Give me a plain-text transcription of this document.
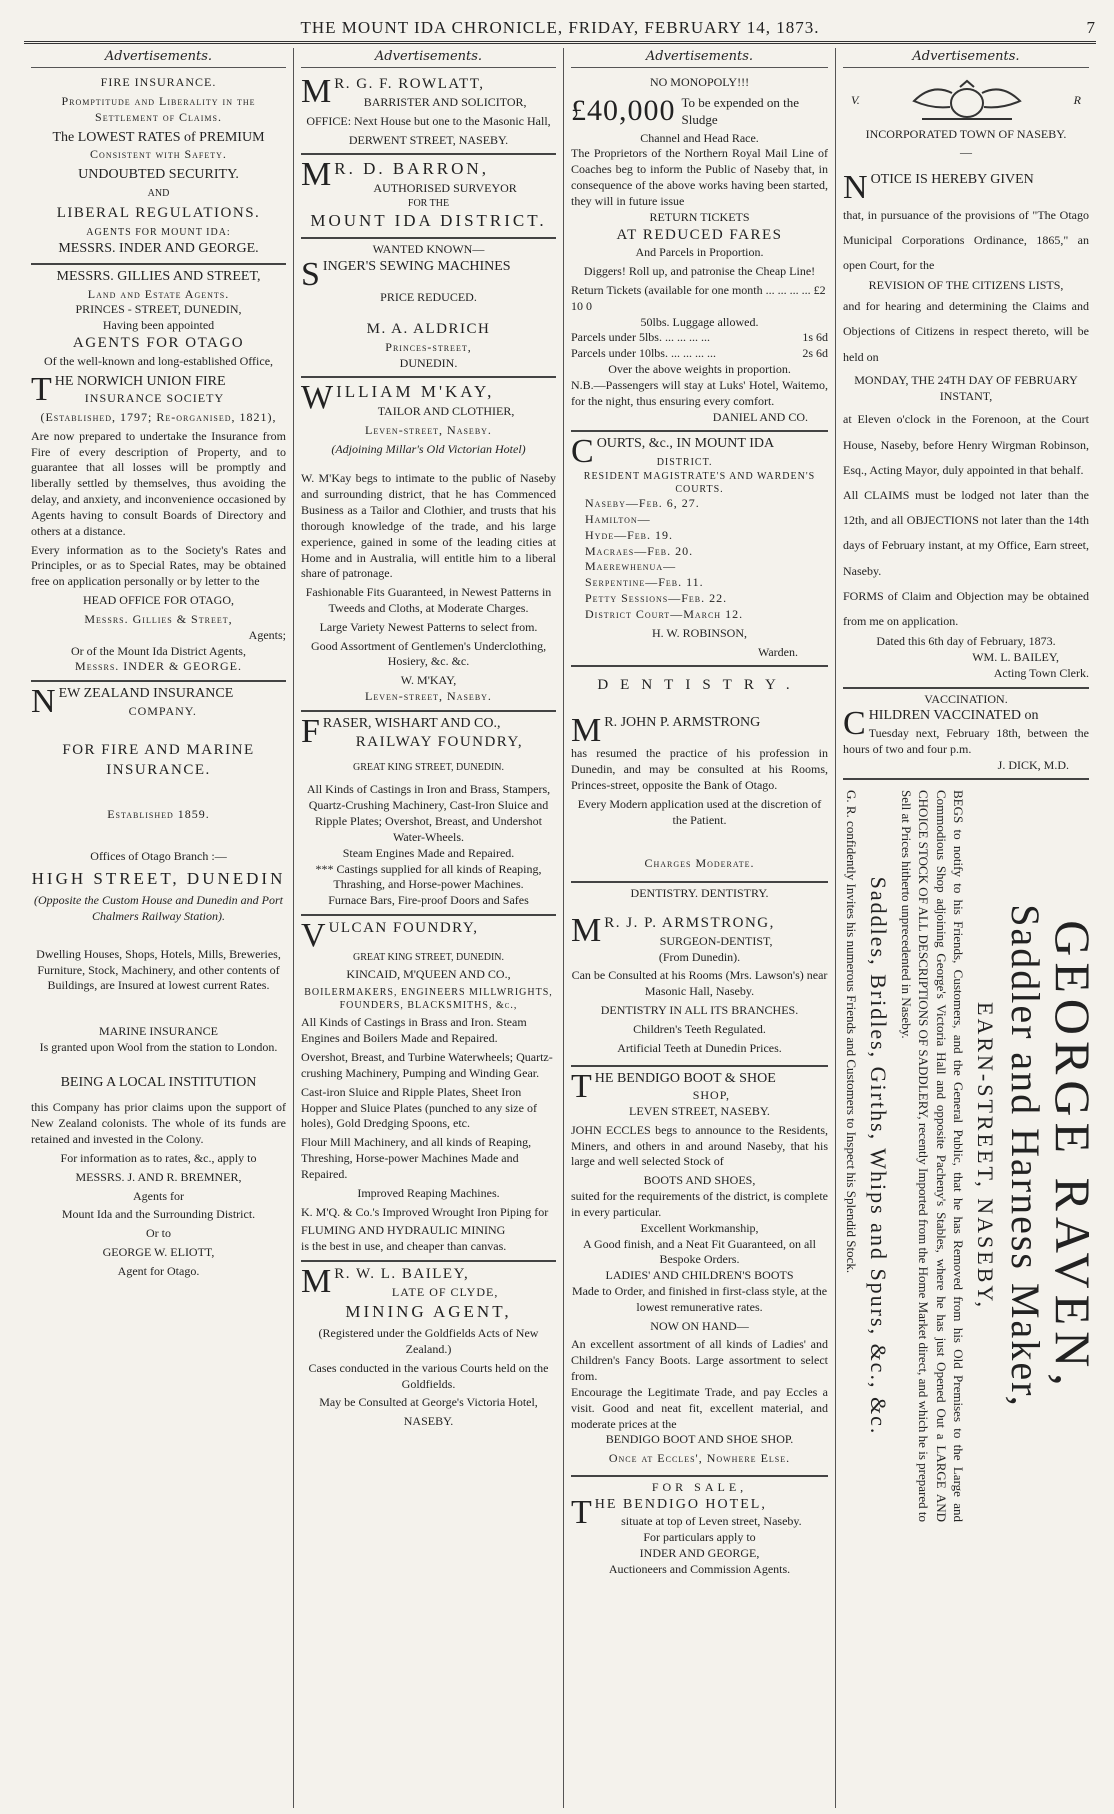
THE MOUNT IDA CHRONICLE, FRIDAY, FEBRUARY 14, 1873.	7
Advertisements.
FIRE INSURANCE.
Promptitude and Liberality in the Settlement of Claims.
The LOWEST RATES of PREMIUM
Consistent with Safety.
UNDOUBTED SECURITY.
AND
LIBERAL REGULATIONS.
AGENTS FOR MOUNT IDA:
MESSRS. INDER AND GEORGE.
MESSRS. GILLIES AND STREET,
Land and Estate Agents.
PRINCES - STREET, DUNEDIN,
Having been appointed
AGENTS FOR OTAGO
Of the well-known and long-established Office,
THE NORWICH UNION FIRE
INSURANCE SOCIETY
(Established, 1797; Re-organised, 1821),
Are now prepared to undertake the Insurance from Fire of every description of Property, and to guarantee that all losses will be promptly and liberally settled by themselves, thus avoiding the delay, and anxiety, and inconvenience occasioned by Agents having to consult Boards of Directory and others at a distance.
Every information as to the Society's Rates and Principles, or as to Special Rates, may be obtained free on application personally or by letter to the
HEAD OFFICE FOR OTAGO,
Messrs. Gillies & Street,
Agents;
Or of the Mount Ida District Agents,
Messrs. INDER & GEORGE.
NEW ZEALAND INSURANCE
COMPANY.
FOR FIRE AND MARINE
INSURANCE.
Established 1859.
Offices of Otago Branch :—
HIGH STREET, DUNEDIN
(Opposite the Custom House and Dunedin and Port Chalmers Railway Station).
Dwelling Houses, Shops, Hotels, Mills, Breweries, Furniture, Stock, Machinery, and other contents of Buildings, are Insured at lowest current Rates.
MARINE INSURANCE
Is granted upon Wool from the station to London.
BEING A LOCAL INSTITUTION
this Company has prior claims upon the support of New Zealand colonists. The whole of its funds are retained and invested in the Colony.
For information as to rates, &c., apply to
MESSRS. J. AND R. BREMNER,
Agents for
Mount Ida and the Surrounding District.
Or to
GEORGE W. ELIOTT,
Agent for Otago.
Advertisements.
M R. G. F. ROWLATT,
BARRISTER AND SOLICITOR,
OFFICE: Next House but one to the Masonic Hall,
DERWENT STREET, NASEBY.
M R. D. BARRON,
AUTHORISED SURVEYOR
FOR THE
MOUNT IDA DISTRICT.
WANTED KNOWN—
SINGER'S SEWING MACHINES
PRICE REDUCED.
M. A. ALDRICH
Princes-street,
DUNEDIN.
WILLIAM M'KAY,
TAILOR AND CLOTHIER,
Leven-street, Naseby.
(Adjoining Millar's Old Victorian Hotel)
W. M'Kay begs to intimate to the public of Naseby and surrounding district, that he has Commenced Business as a Tailor and Clothier, and trusts that his thorough knowledge of the trade, and his large experience, gained in some of the leading cities at Home and in Australia, will entitle him to a liberal share of patronage.
Fashionable Fits Guaranteed, in Newest Patterns in Tweeds and Cloths, at Moderate Charges.
Large Variety Newest Patterns to select from.
Good Assortment of Gentlemen's Underclothing, Hosiery, &c. &c.
W. M'KAY,
Leven-street, Naseby.
FRASER, WISHART AND CO.,
RAILWAY FOUNDRY,
GREAT KING STREET, DUNEDIN.
All Kinds of Castings in Iron and Brass, Stampers,
Quartz-Crushing Machinery, Cast-Iron Sluice and Ripple Plates; Overshot, Breast, and Undershot Water-Wheels.
Steam Engines Made and Repaired.
*** Castings supplied for all kinds of Reaping, Thrashing, and Horse-power Machines.
Furnace Bars, Fire-proof Doors and Safes
VULCAN FOUNDRY,
GREAT KING STREET, DUNEDIN.
KINCAID, M'QUEEN AND CO.,
BOILERMAKERS, ENGINEERS MILLWRIGHTS, FOUNDERS, BLACKSMITHS, &c.,
All Kinds of Castings in Brass and Iron. Steam Engines and Boilers Made and Repaired.
Overshot, Breast, and Turbine Waterwheels; Quartz-crushing Machinery, Pumping and Winding Gear.
Cast-iron Sluice and Ripple Plates, Sheet Iron Hopper and Sluice Plates (punched to any size of holes), Gold Dredging Spoons, etc.
Flour Mill Machinery, and all kinds of Reaping, Threshing, Horse-power Machines Made and Repaired.
Improved Reaping Machines.
K. M'Q. & Co.'s Improved Wrought Iron Piping for
FLUMING AND HYDRAULIC MINING
is the best in use, and cheaper than canvas.
M R. W. L. BAILEY,
LATE OF CLYDE,
MINING AGENT,
(Registered under the Goldfields Acts of New Zealand.)
Cases conducted in the various Courts held on the Goldfields.
May be Consulted at George's Victoria Hotel,
NASEBY.
Advertisements.
NO MONOPOLY!!!
£40,000 To be expended on the Sludge
Channel and Head Race.
The Proprietors of the Northern Royal Mail Line of Coaches beg to inform the Public of Naseby that, in consequence of the above works having been started, they will in future issue
RETURN TICKETS
AT REDUCED FARES
And Parcels in Proportion.
Diggers! Roll up, and patronise the Cheap Line!
Return Tickets (available for one month ... ... ... ... £2 10 0
50lbs. Luggage allowed.
Parcels under 5lbs. ... ... ... ...	1s 6d
Parcels under 10lbs. ... ... ... ...	2s 6d
Over the above weights in proportion.
N.B.—Passengers will stay at Luks' Hotel, Waitemo, for the night, thus ensuring every comfort.
DANIEL AND CO.
COURTS, &c., IN MOUNT IDA
DISTRICT.
RESIDENT MAGISTRATE'S AND WARDEN'S COURTS.
Naseby—Feb. 6, 27.
Hamilton—
Hyde—Feb. 19.
Macraes—Feb. 20.
Maerewhenua—
Serpentine—Feb. 11.
Petty Sessions—Feb. 22.
District Court—March 12.
H. W. ROBINSON,
Warden.
DENTISTRY.
M R. JOHN P. ARMSTRONG
has resumed the practice of his profession in Dunedin, and may be consulted at his Rooms, Princes-street, opposite the Bank of Otago.
Every Modern application used at the discretion of the Patient.
Charges Moderate.
DENTISTRY. DENTISTRY.
M R. J. P. ARMSTRONG,
SURGEON-DENTIST,
(From Dunedin).
Can be Consulted at his Rooms (Mrs. Lawson's) near Masonic Hall, Naseby.
DENTISTRY IN ALL ITS BRANCHES.
Children's Teeth Regulated.
Artificial Teeth at Dunedin Prices.
THE BENDIGO BOOT & SHOE
SHOP,
LEVEN STREET, NASEBY.
JOHN ECCLES begs to announce to the Residents, Miners, and others in and around Naseby, that his large and well selected Stock of
BOOTS AND SHOES,
suited for the requirements of the district, is complete in every particular.
Excellent Workmanship,
A Good finish, and a Neat Fit Guaranteed, on all Bespoke Orders.
LADIES' AND CHILDREN'S BOOTS
Made to Order, and finished in first-class style, at the lowest remunerative rates.
NOW ON HAND—
An excellent assortment of all kinds of Ladies' and Children's Fancy Boots. Large assortment to select from.
Encourage the Legitimate Trade, and pay Eccles a visit. Good and neat fit, excellent material, and moderate prices at the
BENDIGO BOOT AND SHOE SHOP.
Once at Eccles', Nowhere Else.
FOR SALE,
THE BENDIGO HOTEL,
situate at top of Leven street, Naseby.
For particulars apply to
INDER AND GEORGE,
Auctioneers and Commission Agents.
Advertisements.
V.	R
INCORPORATED TOWN OF NASEBY.
—
NOTICE IS HEREBY GIVEN
that, in pursuance of the provisions of "The Otago Municipal Corporations Ordinance, 1865," an open Court, for the
REVISION OF THE CITIZENS LISTS,
and for hearing and determining the Claims and Objections of Citizens in respect thereto, will be held on
MONDAY, THE 24TH DAY OF FEBRUARY INSTANT,
at Eleven o'clock in the Forenoon, at the Court House, Naseby, before Henry Wirgman Robinson, Esq., Acting Mayor, duly appointed in that behalf.
All CLAIMS must be lodged not later than the 12th, and all OBJECTIONS not later than the 14th days of February instant, at my Office, Earn street, Naseby.
FORMS of Claim and Objection may be obtained from me on application.
Dated this 6th day of February, 1873.
WM. L. BAILEY,
Acting Town Clerk.
VACCINATION.
CHILDREN VACCINATED on
Tuesday next, February 18th, between the hours of two and four p.m.
J. DICK, M.D.
GEORGE RAVEN,
Saddler and Harness Maker,
EARN-STREET, NASEBY,
BEGS to notify to his Friends, Customers, and the General Public, that he has Removed from his Old Premises to the Large and Commodious Shop adjoining George's Victoria Hall and opposite Pacheny's Stables, where he has just Opened Out a LARGE AND CHOICE STOCK OF ALL DESCRIPTIONS OF SADDLERY, recently Imported from the Home Market direct, and which he is prepared to Sell at Prices hitherto unprecedented in Naseby.
Saddles, Bridles, Girths, Whips and Spurs, &c., &c.
G. R. confidently Invites his numerous Friends and Customers to Inspect his Splendid Stock.
